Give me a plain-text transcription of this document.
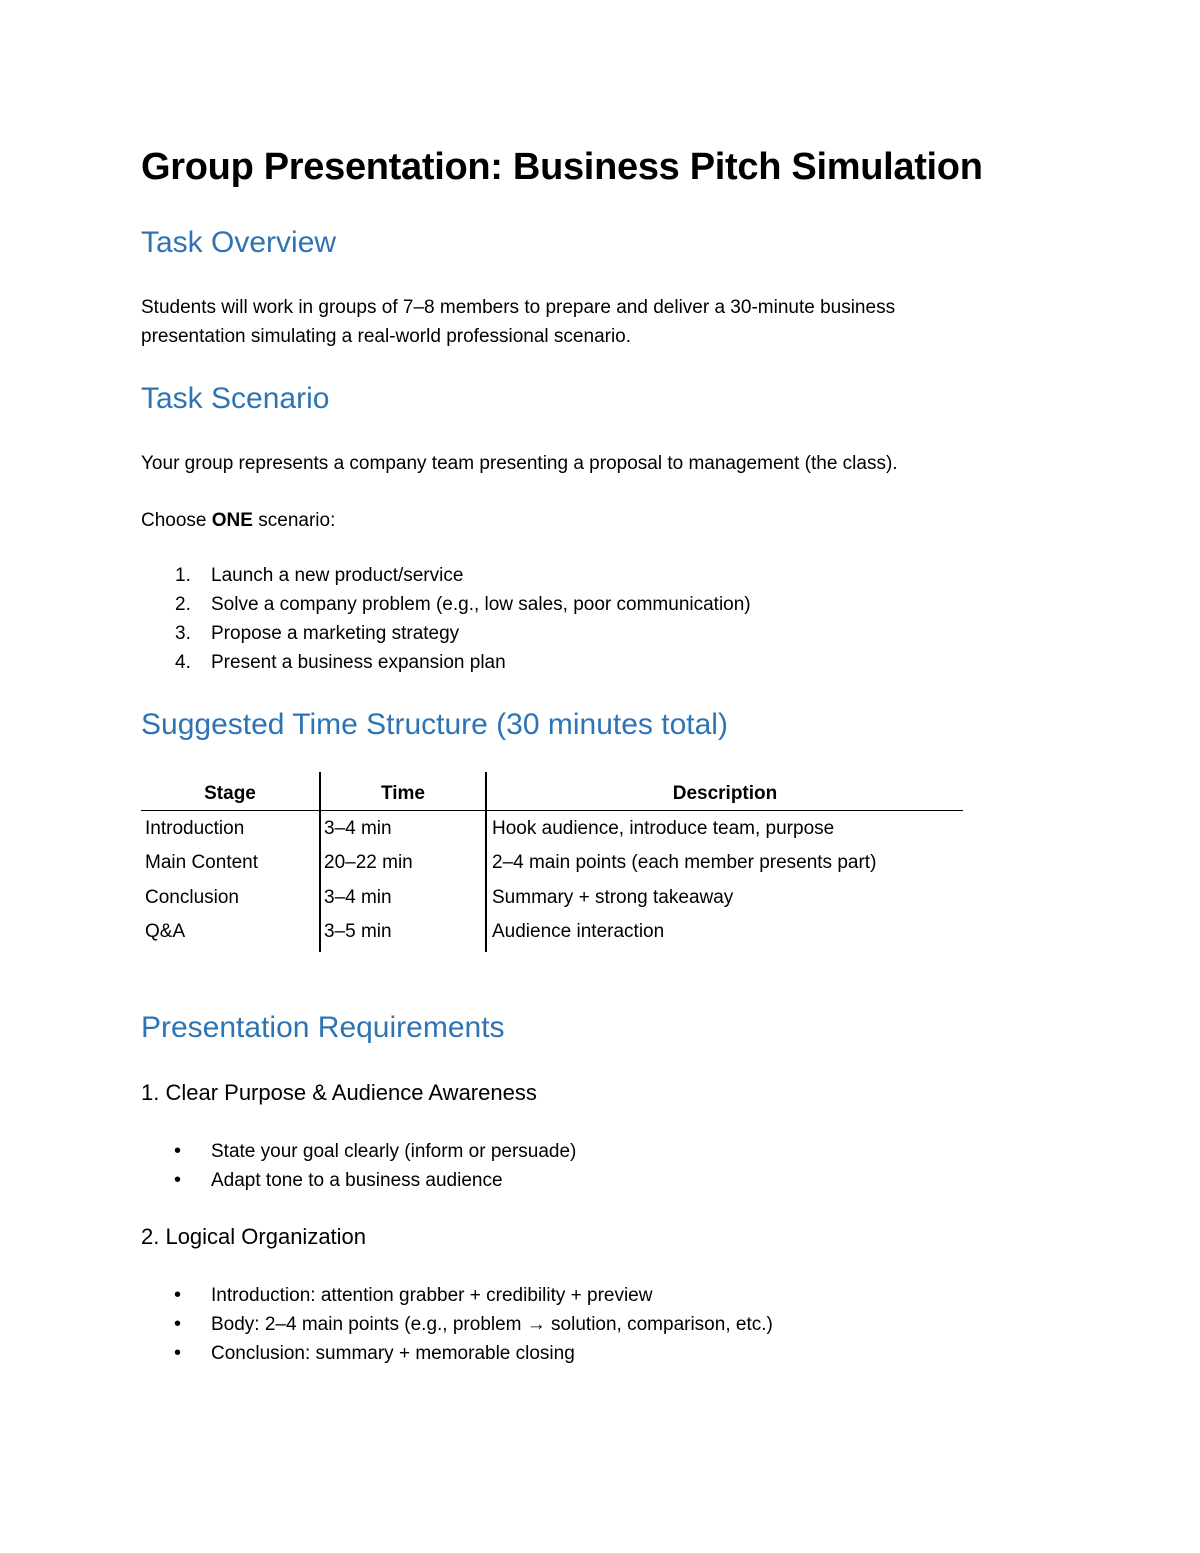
Group Presentation: Business Pitch Simulation
Task Overview

Students will work in groups of 7–8 members to prepare and deliver a 30-minute business

presentation simulating a real-world professional scenario.

Task Scenario

Your group represents a company team presenting a proposal to management (the class).

Choose ONE scenario:

1. Launch a new product/service
2. Solve a company problem (e.g., low sales, poor communication)
3. Propose a marketing strategy
4. Present a business expansion plan
Suggested Time Structure (30 minutes total)
Stage	Time	Description
Introduction	3–4 min	Hook audience, introduce team, purpose
Main Content	20–22 min	2–4 main points (each member presents part)
Conclusion	3–4 min	Summary + strong takeaway
Q&A	3–5 min	Audience interaction
Presentation Requirements
1. Clear Purpose & Audience Awareness
• State your goal clearly (inform or persuade)
• Adapt tone to a business audience
2. Logical Organization
• Introduction: attention grabber + credibility + preview
• Body: 2–4 main points (e.g., problem → solution, comparison, etc.)
• Conclusion: summary + memorable closing
